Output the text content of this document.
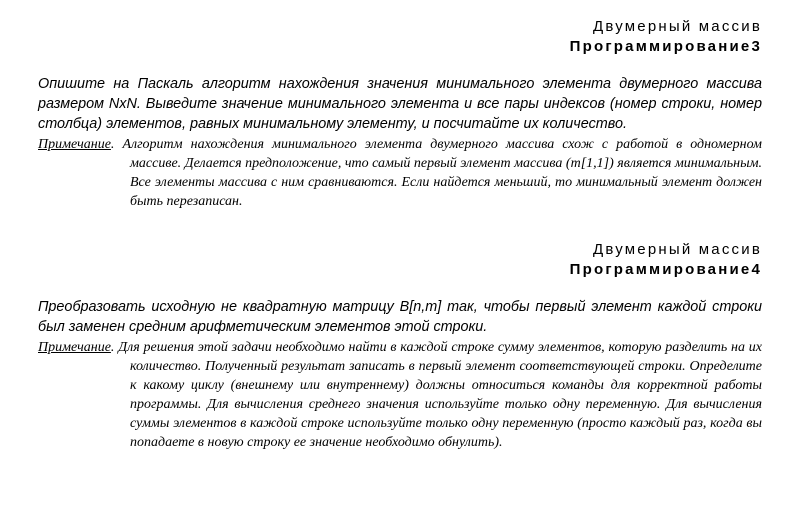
Двумерный массив
Программирование3

Опишите на Паскаль алгоритм нахождения значения минимального элемента двумерного массива размером NxN. Выведите значение минимального элемента и все пары индексов (номер строки, номер столбца) элементов, равных минимальному элементу, и посчитайте их количество.

Примечание. Алгоритм нахождения минимального элемента двумерного массива схож с работой в одномерном массиве. Делается предположение, что самый первый элемент массива (m[1,1]) является минимальным. Все элементы массива с ним сравниваются. Если найдется меньший, то минимальный элемент должен быть перезаписан.

Двумерный массив
Программирование4

Преобразовать исходную не квадратную матрицу B[n,m] так, чтобы первый элемент каждой строки был заменен средним арифметическим элементов этой строки.

Примечание. Для решения этой задачи необходимо найти в каждой строке сумму элементов, которую разделить на их количество. Полученный результат записать в первый элемент соответствующей строки. Определите к какому циклу (внешнему или внутреннему) должны относиться команды для корректной работы программы. Для вычисления среднего значения используйте только одну переменную. Для вычисления суммы элементов в каждой строке используйте только одну переменную (просто каждый раз, когда вы попадаете в новую строку ее значение необходимо обнулить).
